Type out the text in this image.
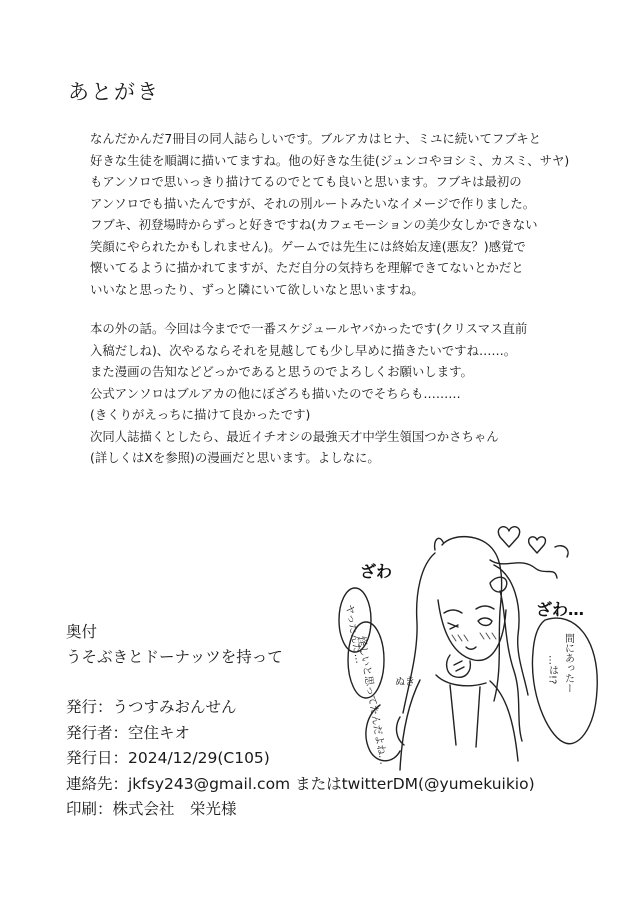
あとがき
なんだかんだ7冊目の同人誌らしいです。ブルアカはヒナ、ミユに続いてフブキと
好きな生徒を順調に描いてますね。他の好きな生徒(ジュンコやヨシミ、カスミ、サヤ)
もアンソロで思いっきり描けてるのでとても良いと思います。フブキは最初の
アンソロでも描いたんですが、それの別ルートみたいなイメージで作りました。
フブキ、初登場時からずっと好きですね(カフェモーションの美少女しかできない
笑顔にやられたかもしれません)。ゲームでは先生には終始友達(悪友？)感覚で
懐いてるように描かれてますが、ただ自分の気持ちを理解できてないとかだと
いいなと思ったり、ずっと隣にいて欲しいなと思いますね。
本の外の話。今回は今までで一番スケジュールヤバかったです(クリスマス直前
入稿だしね)、次やるならそれを見越しても少し早めに描きたいですね……。
また漫画の告知などどっかであると思うのでよろしくお願いします。
公式アンソロはブルアカの他にぼざろも描いたのでそちらも………
(きくりがえっちに描けて良かったです)
次同人誌描くとしたら、最近イチオシの最強天才中学生領国つかさちゃん
(詳しくはXを参照)の漫画だと思います。よしなに。
ざわ
ざわ…
ヤったんだ…
怪しいと思ってたんだよね… ぬき	間にあったー
…は!?
奥付
うそぶきとドーナッツを持って
発行：うつすみおんせん
発行者：空住キオ
発行日：2024/12/29(C105)
連絡先：jkfsy243@gmail.com またはtwitterDM(@yumekuikio)
印刷：株式会社　栄光様
